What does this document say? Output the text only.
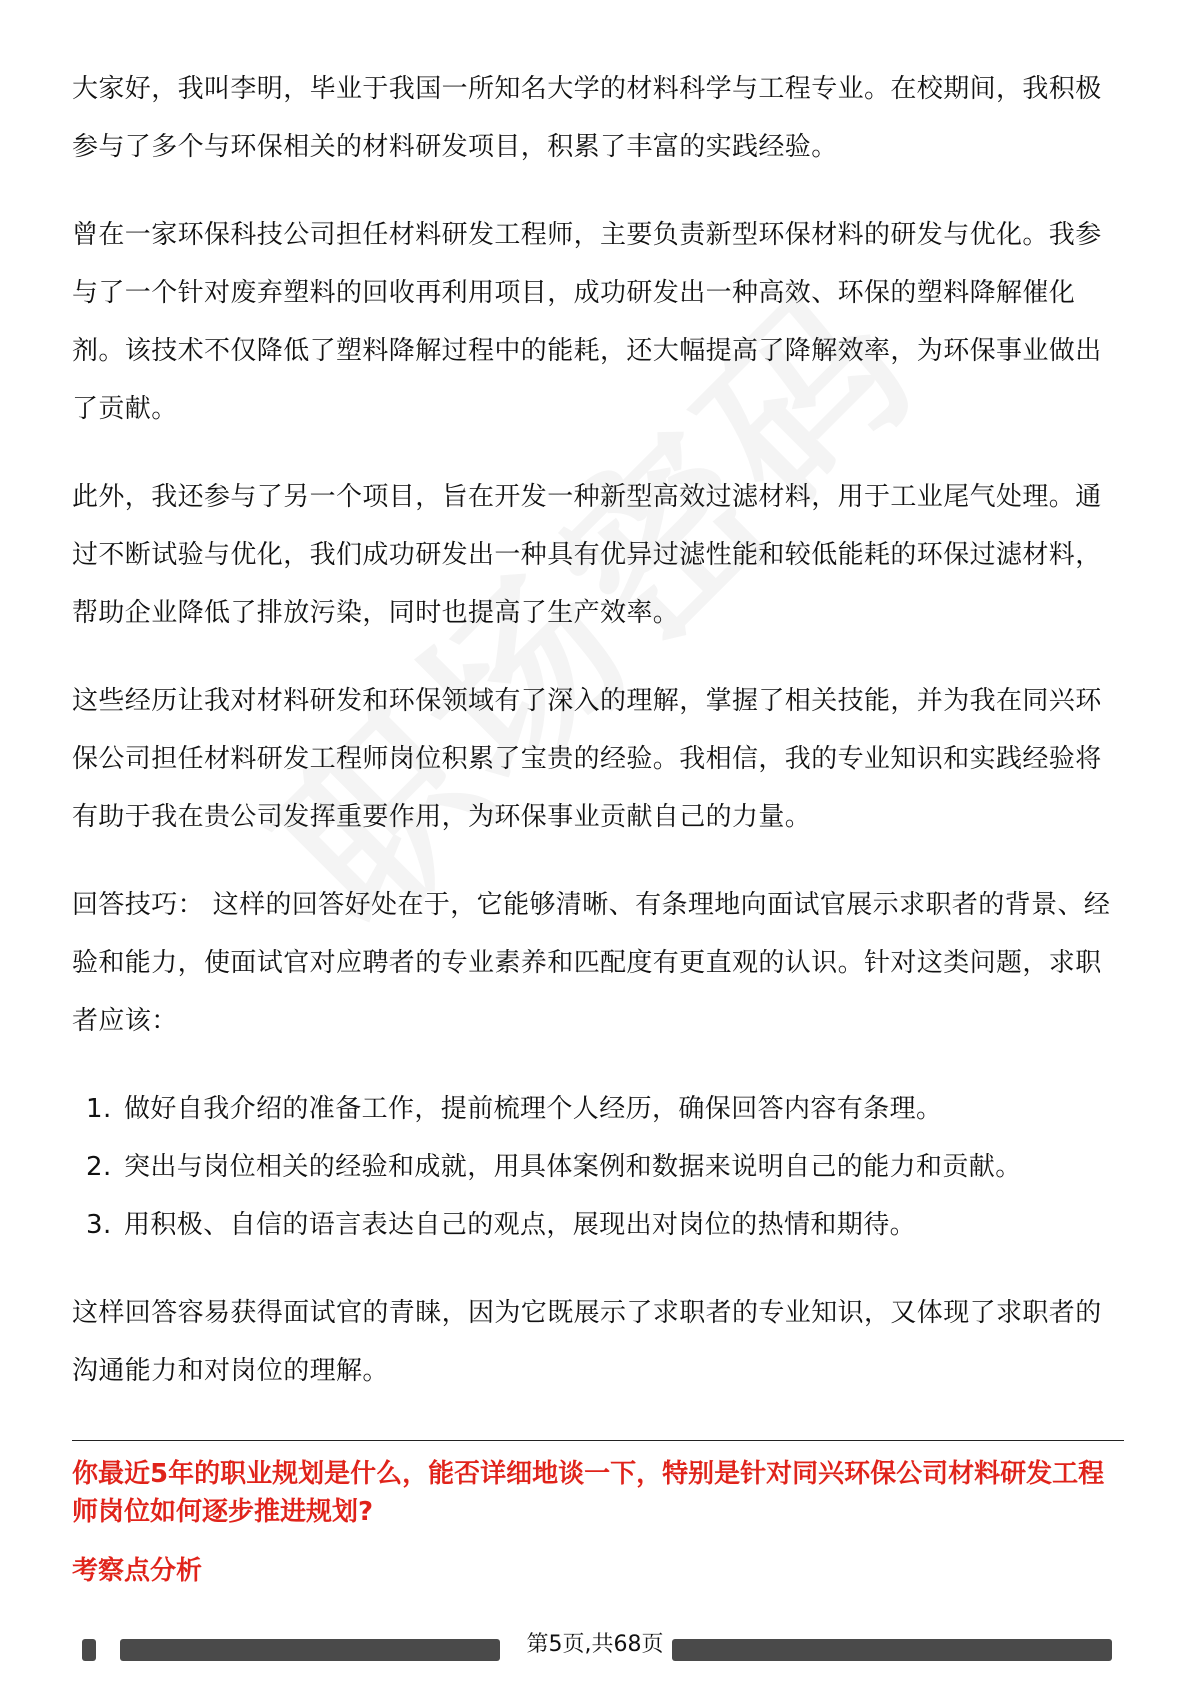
大家好，我叫李明，毕业于我国一所知名大学的材料科学与工程专业。在校期间，我积极参与了多个与环保相关的材料研发项目，积累了丰富的实践经验。

曾在一家环保科技公司担任材料研发工程师，主要负责新型环保材料的研发与优化。我参与了一个针对废弃塑料的回收再利用项目，成功研发出一种高效、环保的塑料降解催化剂。该技术不仅降低了塑料降解过程中的能耗，还大幅提高了降解效率，为环保事业做出了贡献。

此外，我还参与了另一个项目，旨在开发一种新型高效过滤材料，用于工业尾气处理。通过不断试验与优化，我们成功研发出一种具有优异过滤性能和较低能耗的环保过滤材料，帮助企业降低了排放污染，同时也提高了生产效率。

这些经历让我对材料研发和环保领域有了深入的理解，掌握了相关技能，并为我在同兴环保公司担任材料研发工程师岗位积累了宝贵的经验。我相信，我的专业知识和实践经验将有助于我在贵公司发挥重要作用，为环保事业贡献自己的力量。

回答技巧： 这样的回答好处在于，它能够清晰、有条理地向面试官展示求职者的背景、经验和能力，使面试官对应聘者的专业素养和匹配度有更直观的认识。针对这类问题，求职者应该：

1. 做好自我介绍的准备工作，提前梳理个人经历，确保回答内容有条理。
2. 突出与岗位相关的经验和成就，用具体案例和数据来说明自己的能力和贡献。
3. 用积极、自信的语言表达自己的观点，展现出对岗位的热情和期待。

这样回答容易获得面试官的青睐，因为它既展示了求职者的专业知识，又体现了求职者的沟通能力和对岗位的理解。

你最近5年的职业规划是什么，能否详细地谈一下，特别是针对同兴环保公司材料研发工程师岗位如何逐步推进规划?

考察点分析

第5页,共68页
